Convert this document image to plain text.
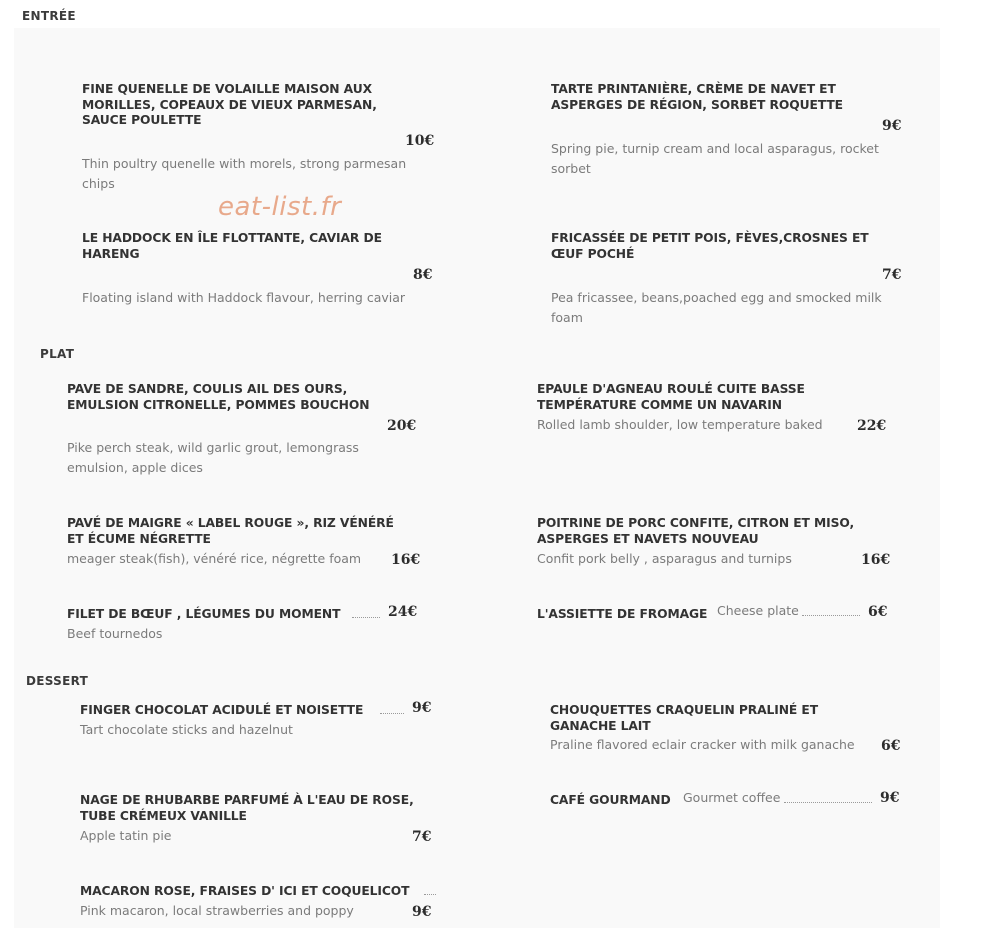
ENTRÉE
PLAT
DESSERT
eat-list.fr
FINE QUENELLE DE VOLAILLE MAISON AUX MORILLES, COPEAUX DE VIEUX PARMESAN, SAUCE POULETTE
10€
Thin poultry quenelle with morels, strong parmesan chips
TARTE PRINTANIÈRE, CRÈME DE NAVET ET ASPERGES DE RÉGION, SORBET ROQUETTE
9€
Spring pie, turnip cream and local asparagus, rocket sorbet
LE HADDOCK EN ÎLE FLOTTANTE, CAVIAR DE HARENG
8€
Floating island with Haddock flavour, herring caviar
FRICASSÉE DE PETIT POIS, FÈVES,CROSNES ET ŒUF POCHÉ
7€
Pea fricassee, beans,poached egg and smocked milk foam
PAVE DE SANDRE, COULIS AIL DES OURS, EMULSION CITRONELLE, POMMES BOUCHON
20€
Pike perch steak, wild garlic grout, lemongrass emulsion, apple dices
EPAULE D'AGNEAU ROULÉ CUITE BASSE TEMPÉRATURE COMME UN NAVARIN
22€
Rolled lamb shoulder, low temperature baked
PAVÉ DE MAIGRE « LABEL ROUGE », RIZ VÉNÉRÉ ET ÉCUME NÉGRETTE
16€
meager steak(fish), vénéré rice, négrette foam
POITRINE DE PORC CONFITE, CITRON ET MISO, ASPERGES ET NAVETS NOUVEAU
16€
Confit pork belly , asparagus and turnips
FILET DE BŒUF , LÉGUMES DU MOMENT	24€
Beef tournedos
L'ASSIETTE DE FROMAGE Cheese plate	6€
FINGER CHOCOLAT ACIDULÉ ET NOISETTE	9€
Tart chocolate sticks and hazelnut
CHOUQUETTES CRAQUELIN PRALINÉ ET GANACHE LAIT
Praline flavored eclair cracker with milk ganache 6€
NAGE DE RHUBARBE PARFUMÉ À L'EAU DE ROSE, TUBE CRÉMEUX VANILLE
7€
Apple tatin pie
CAFÉ GOURMAND Gourmet coffee	9€
MACARON ROSE, FRAISES D' ICI ET COQUELICOT
Pink macaron, local strawberries and poppy	9€
